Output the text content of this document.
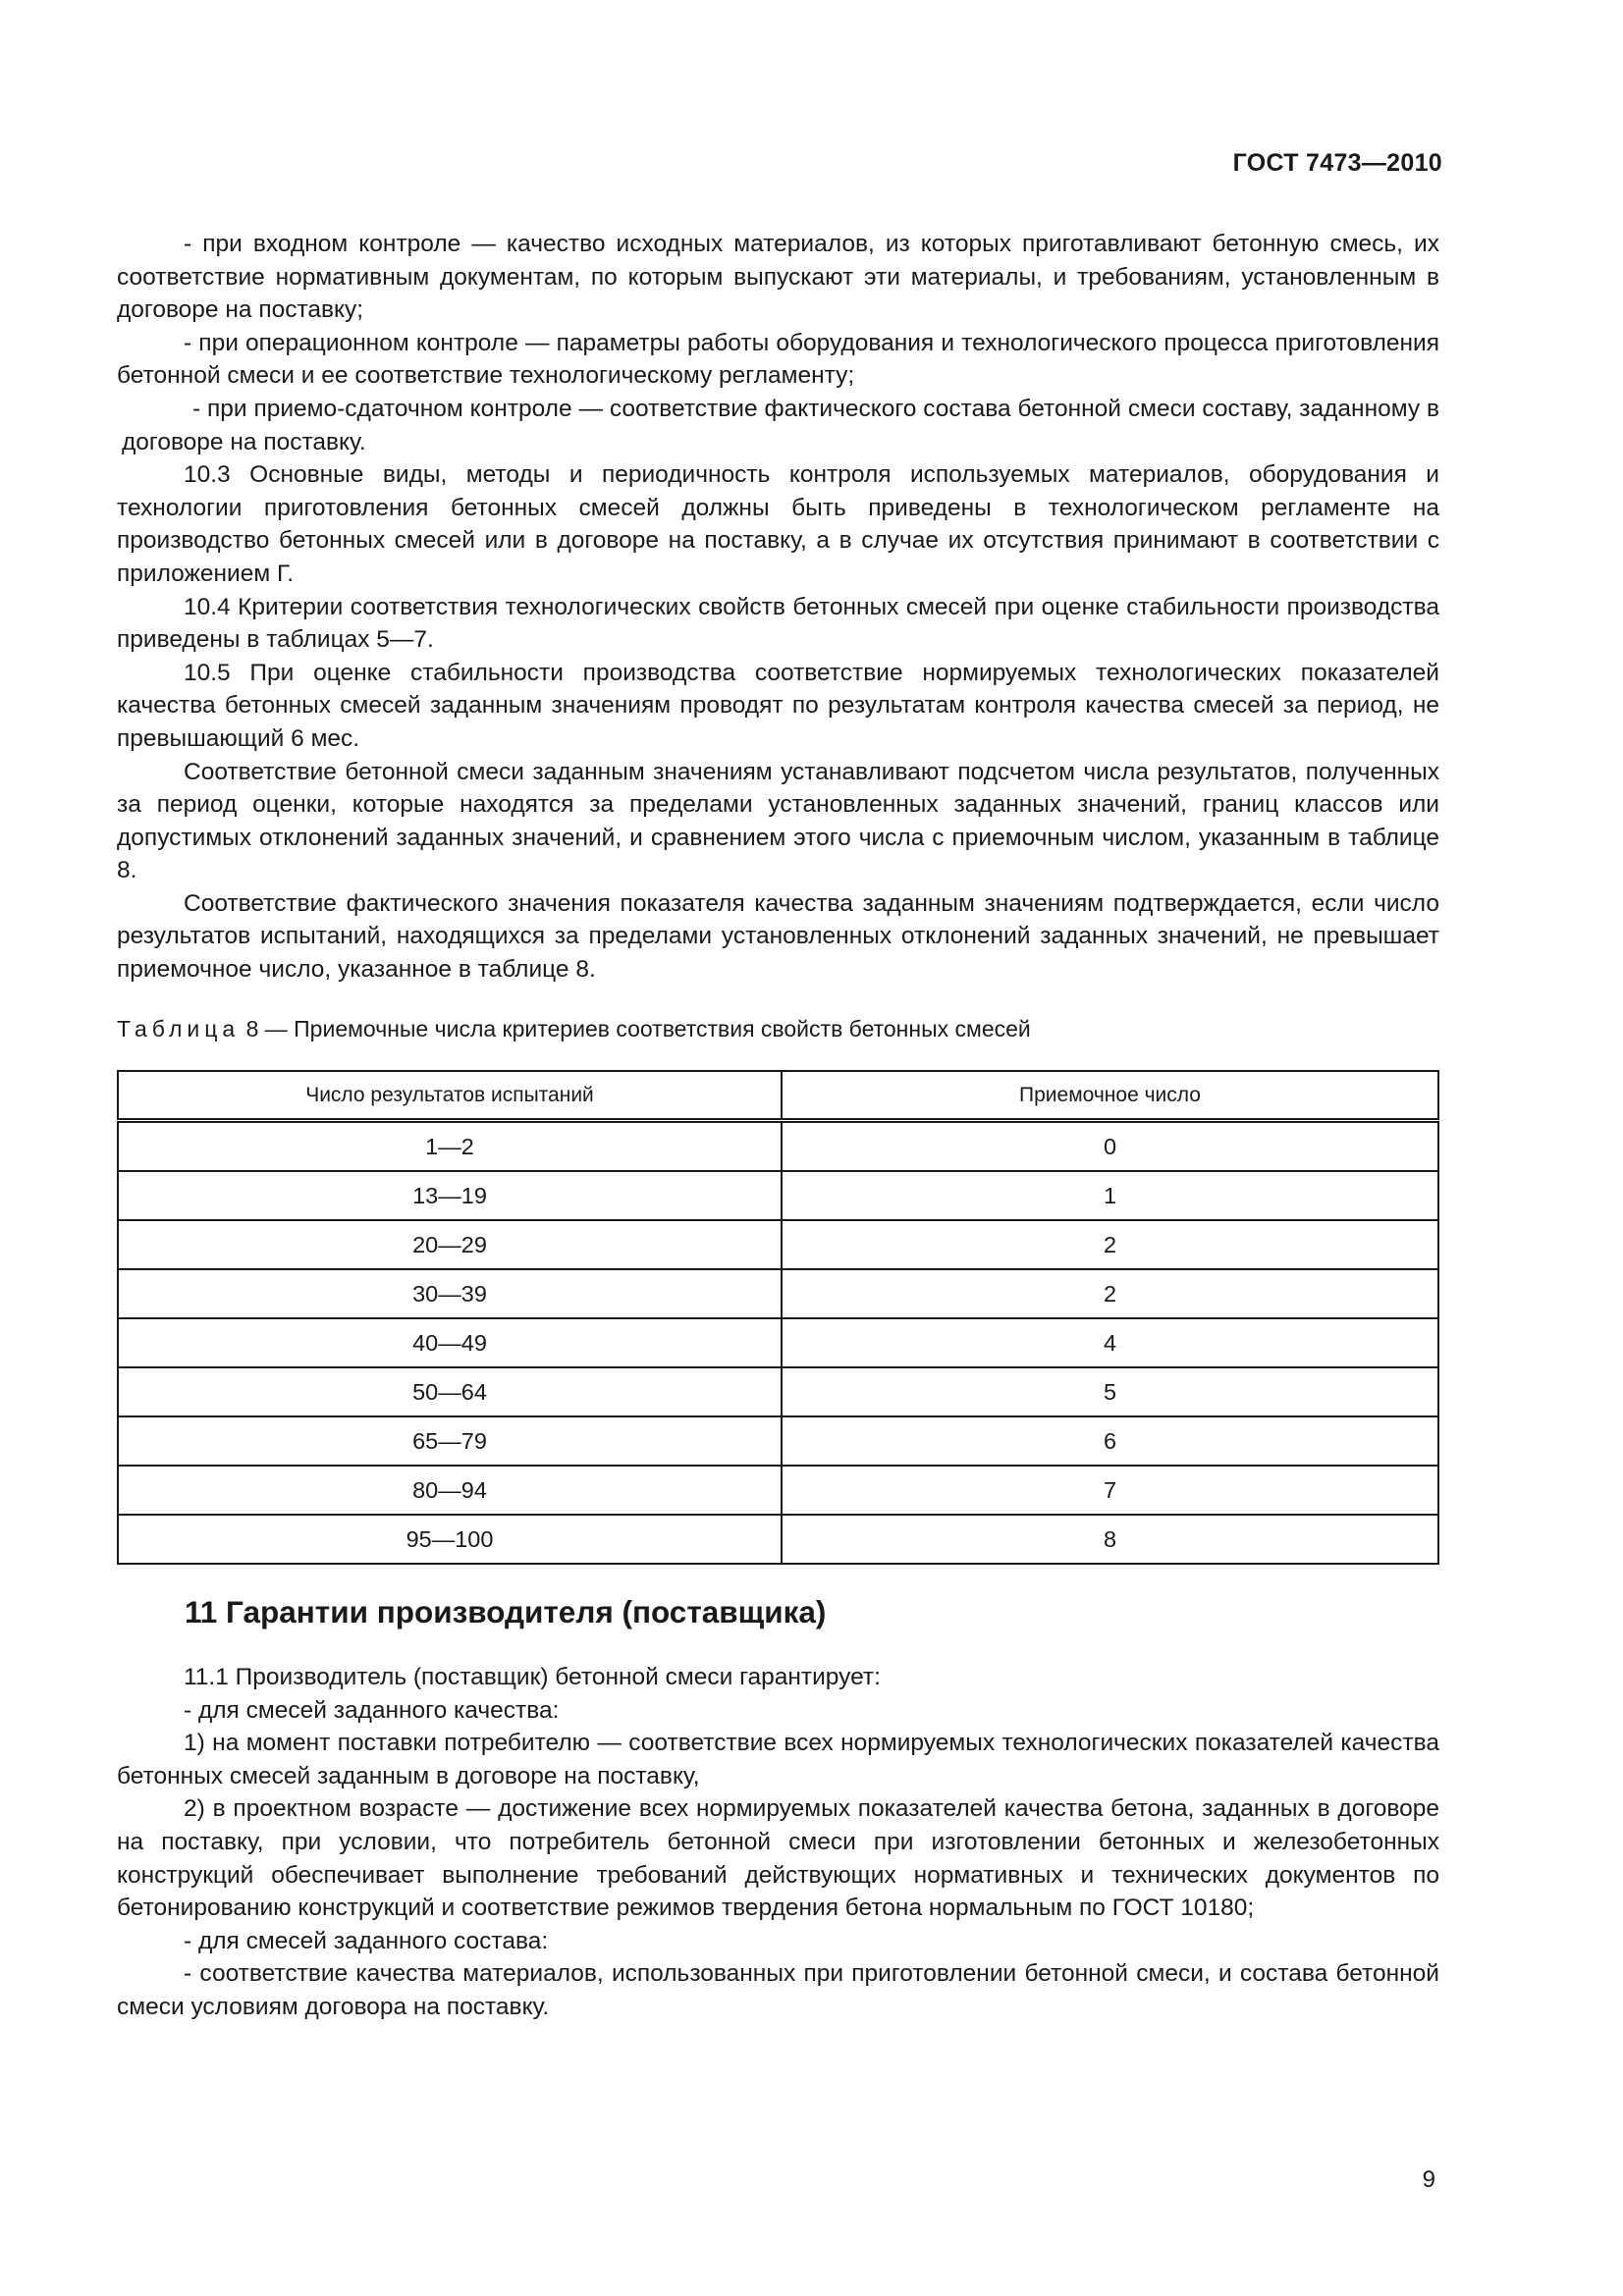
ГОСТ 7473—2010

- при входном контроле — качество исходных материалов, из которых приготавливают бетонную смесь, их соответствие нормативным документам, по которым выпускают эти материалы, и требованиям, установленным в договоре на поставку;

- при операционном контроле — параметры работы оборудования и технологического процесса приготовления бетонной смеси и ее соответствие технологическому регламенту;

- при приемо-сдаточном контроле — соответствие фактического состава бетонной смеси составу, заданному в договоре на поставку.

10.3 Основные виды, методы и периодичность контроля используемых материалов, оборудования и технологии приготовления бетонных смесей должны быть приведены в технологическом регламенте на производство бетонных смесей или в договоре на поставку, а в случае их отсутствия принимают в соответствии с приложением Г.

10.4 Критерии соответствия технологических свойств бетонных смесей при оценке стабильности производства приведены в таблицах 5—7.

10.5 При оценке стабильности производства соответствие нормируемых технологических показателей качества бетонных смесей заданным значениям проводят по результатам контроля качества смесей за период, не превышающий 6 мес.

Соответствие бетонной смеси заданным значениям устанавливают подсчетом числа результатов, полученных за период оценки, которые находятся за пределами установленных заданных значений, границ классов или допустимых отклонений заданных значений, и сравнением этого числа с приемочным числом, указанным в таблице 8.

Соответствие фактического значения показателя качества заданным значениям подтверждается, если число результатов испытаний, находящихся за пределами установленных отклонений заданных значений, не превышает приемочное число, указанное в таблице 8.

Таблица 8 — Приемочные числа критериев соответствия свойств бетонных смесей
Число результатов испытаний	Приемочное число
1—2	0
13—19	1
20—29	2
30—39	2
40—49	4
50—64	5
65—79	6
80—94	7
95—100	8
11 Гарантии производителя (поставщика)

11.1 Производитель (поставщик) бетонной смеси гарантирует:

- для смесей заданного качества:

1) на момент поставки потребителю — соответствие всех нормируемых технологических показателей качества бетонных смесей заданным в договоре на поставку,

2) в проектном возрасте — достижение всех нормируемых показателей качества бетона, заданных в договоре на поставку, при условии, что потребитель бетонной смеси при изготовлении бетонных и железобетонных конструкций обеспечивает выполнение требований действующих нормативных и технических документов по бетонированию конструкций и соответствие режимов твердения бетона нормальным по ГОСТ 10180;

- для смесей заданного состава:

- соответствие качества материалов, использованных при приготовлении бетонной смеси, и состава бетонной смеси условиям договора на поставку.

9
